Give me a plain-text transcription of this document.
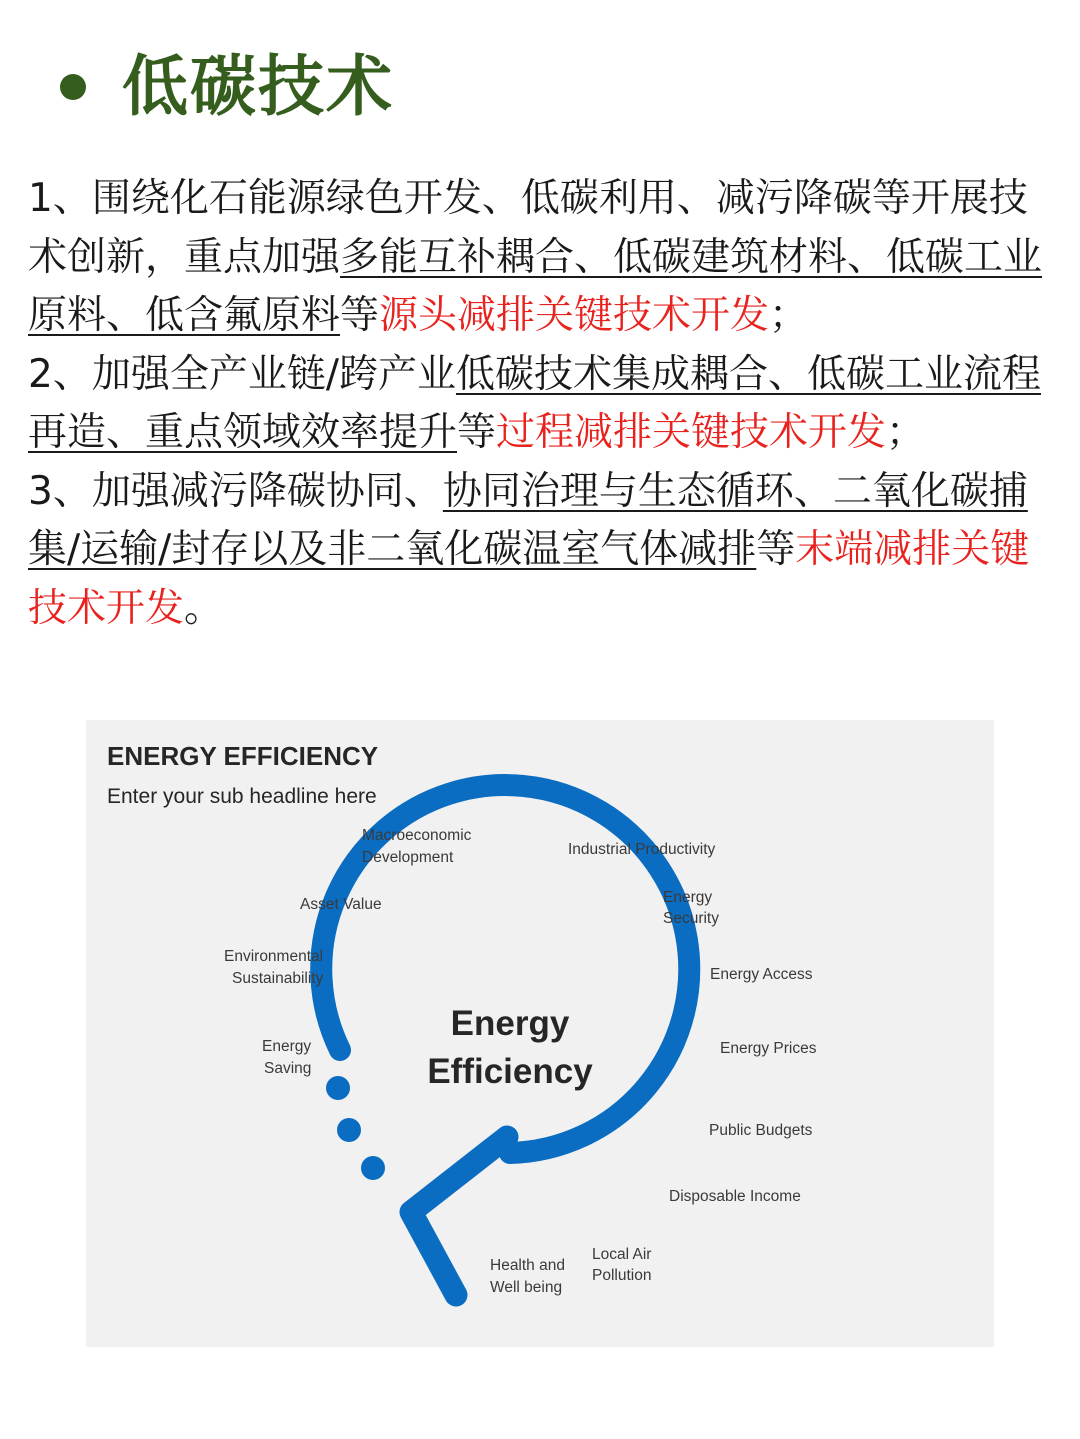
低碳技术

1、围绕化石能源绿色开发、低碳利用、减污降碳等开展技术创新，重点加强多能互补耦合、低碳建筑材料、低碳工业原料、低含氟原料等源头减排关键技术开发；

2、加强全产业链/跨产业低碳技术集成耦合、低碳工业流程再造、重点领域效率提升等过程减排关键技术开发；

3、加强减污降碳协同、协同治理与生态循环、二氧化碳捕集/运输/封存以及非二氧化碳温室气体减排等末端减排关键技术开发。

ENERGY EFFICIENCY
Enter your sub headline here
Energy
Efficiency
Macroeconomic
Development	Industrial Productivity
Energy
Security
Energy Access
Energy Prices
Public Budgets
Disposable Income
Local Air
Pollution
Health and
Well being
Energy
Saving
Environmental
Sustainability
Asset Value
